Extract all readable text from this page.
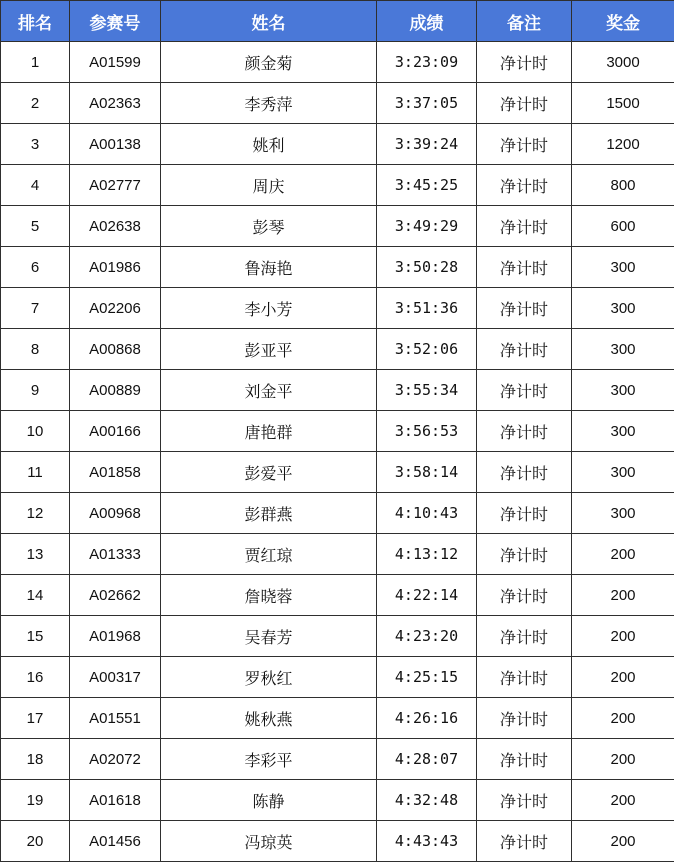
排名	参赛号	姓名	成绩	备注	奖金
1	A01599	颜金菊	3:23:09	净计时	3000
2	A02363	李秀萍	3:37:05	净计时	1500
3	A00138	姚利	3:39:24	净计时	1200
4	A02777	周庆	3:45:25	净计时	800
5	A02638	彭琴	3:49:29	净计时	600
6	A01986	鲁海艳	3:50:28	净计时	300
7	A02206	李小芳	3:51:36	净计时	300
8	A00868	彭亚平	3:52:06	净计时	300
9	A00889	刘金平	3:55:34	净计时	300
10	A00166	唐艳群	3:56:53	净计时	300
11	A01858	彭爱平	3:58:14	净计时	300
12	A00968	彭群燕	4:10:43	净计时	300
13	A01333	贾红琼	4:13:12	净计时	200
14	A02662	詹晓蓉	4:22:14	净计时	200
15	A01968	吴春芳	4:23:20	净计时	200
16	A00317	罗秋红	4:25:15	净计时	200
17	A01551	姚秋燕	4:26:16	净计时	200
18	A02072	李彩平	4:28:07	净计时	200
19	A01618	陈静	4:32:48	净计时	200
20	A01456	冯琼英	4:43:43	净计时	200
